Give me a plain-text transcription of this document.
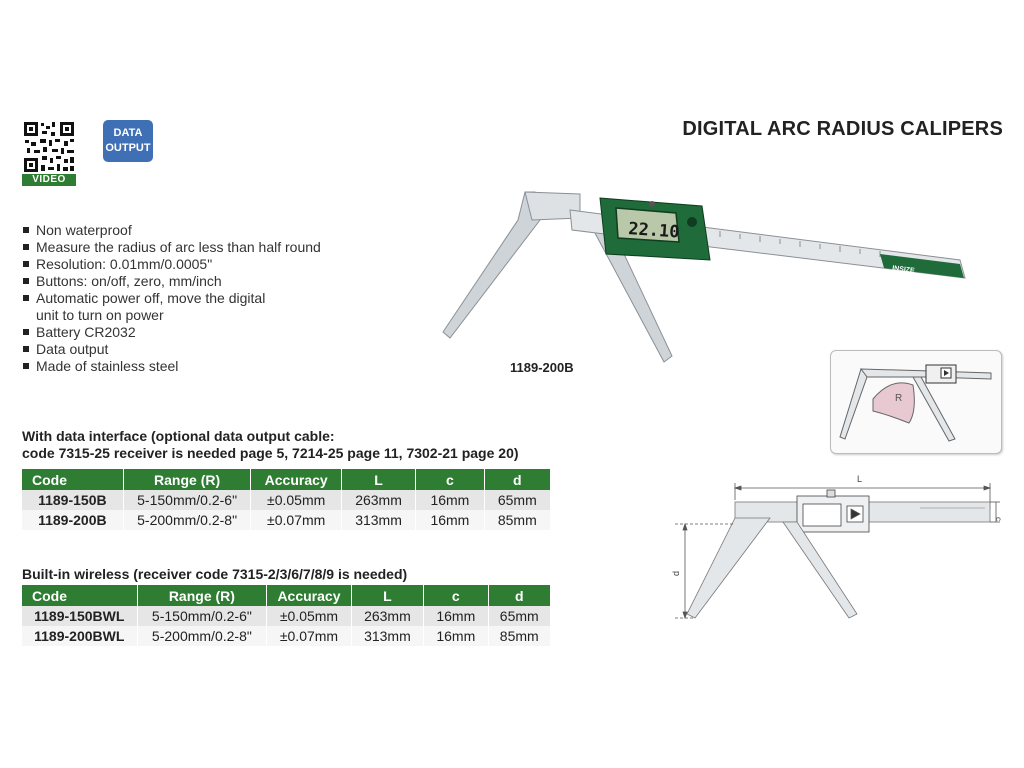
VIDEO
DATA
OUTPUT
DIGITAL ARC RADIUS CALIPERS
Non waterproof
Measure the radius of arc less than half round
Resolution: 0.01mm/0.0005"
Buttons: on/off, zero, mm/inch
Automatic power off, move the digital
unit to turn on power
Battery CR2032
Data output
Made of stainless steel
INSIZE
22.10
1189-200B
R
L
c
d
With data interface (optional data output cable:
code 7315-25 receiver is needed page 5, 7214-25 page 11, 7302-21 page 20)
Code	Range (R)	Accuracy	L	c	d
1189-150B	5-150mm/0.2-6"	±0.05mm	263mm	16mm	65mm
1189-200B	5-200mm/0.2-8"	±0.07mm	313mm	16mm	85mm
Built-in wireless (receiver code 7315-2/3/6/7/8/9 is needed)
Code	Range (R)	Accuracy	L	c	d
1189-150BWL	5-150mm/0.2-6"	±0.05mm	263mm	16mm	65mm
1189-200BWL	5-200mm/0.2-8"	±0.07mm	313mm	16mm	85mm
